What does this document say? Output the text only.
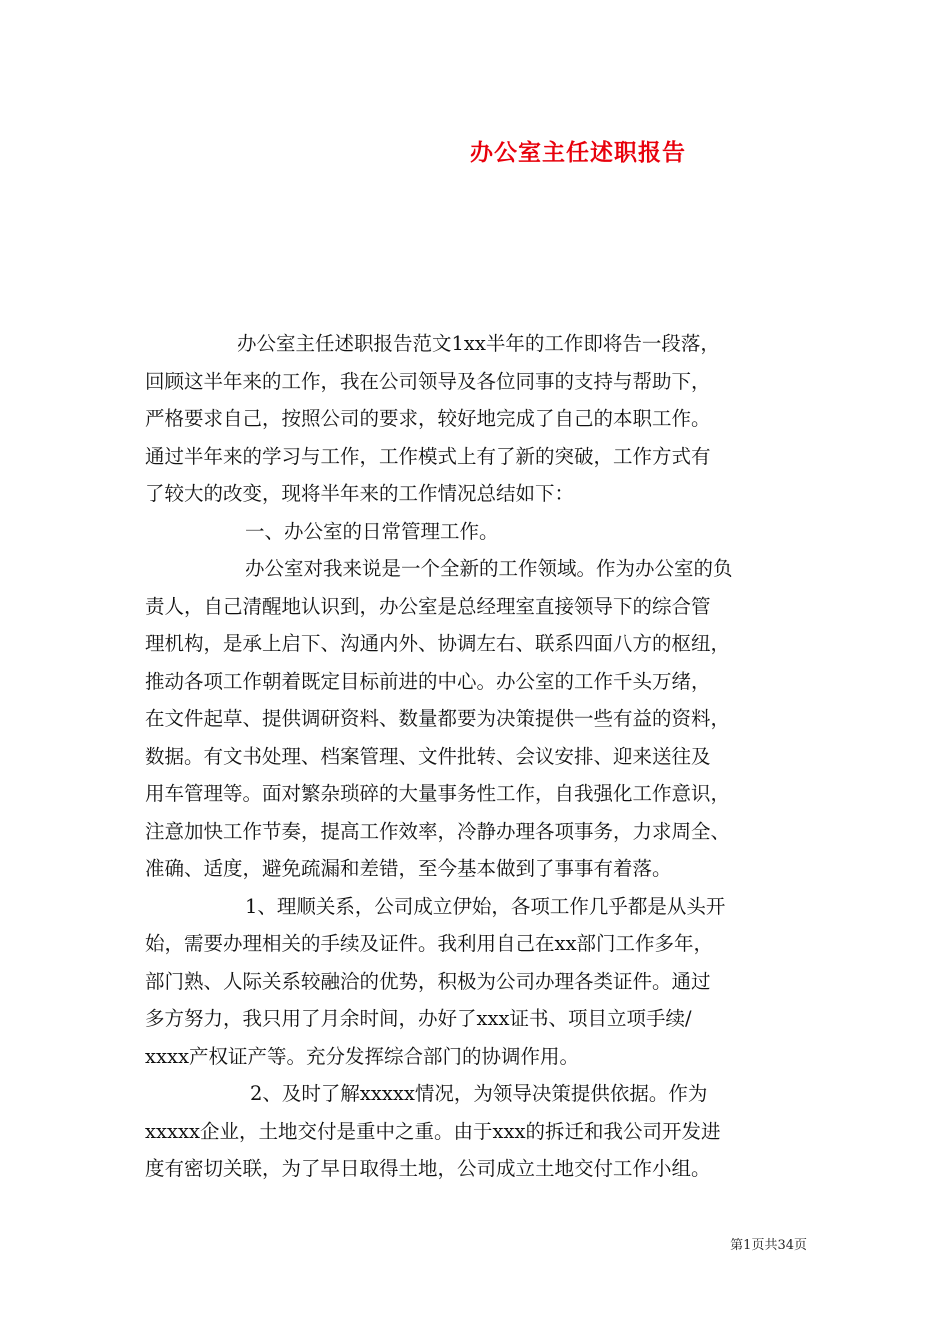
办公室主任述职报告

办公室主任述职报告范文1xx半年的工作即将告一段落，
回顾这半年来的工作，我在公司领导及各位同事的支持与帮助下，
严格要求自己，按照公司的要求，较好地完成了自己的本职工作。
通过半年来的学习与工作，工作模式上有了新的突破，工作方式有
了较大的改变，现将半年来的工作情况总结如下：

一、办公室的日常管理工作。

办公室对我来说是一个全新的工作领域。作为办公室的负
责人，自己清醒地认识到，办公室是总经理室直接领导下的综合管
理机构，是承上启下、沟通内外、协调左右、联系四面八方的枢纽，
推动各项工作朝着既定目标前进的中心。办公室的工作千头万绪，
在文件起草、提供调研资料、数量都要为决策提供一些有益的资料，
数据。有文书处理、档案管理、文件批转、会议安排、迎来送往及
用车管理等。面对繁杂琐碎的大量事务性工作，自我强化工作意识，
注意加快工作节奏，提高工作效率，冷静办理各项事务，力求周全、
准确、适度，避免疏漏和差错，至今基本做到了事事有着落。

1、理顺关系，公司成立伊始，各项工作几乎都是从头开
始，需要办理相关的手续及证件。我利用自己在xx部门工作多年，
部门熟、人际关系较融洽的优势，积极为公司办理各类证件。通过
多方努力，我只用了月余时间，办好了xxx证书、项目立项手续/
xxxx产权证产等。充分发挥综合部门的协调作用。

2、及时了解xxxxx情况，为领导决策提供依据。作为
xxxxx企业，土地交付是重中之重。由于xxx的拆迁和我公司开发进
度有密切关联，为了早日取得土地，公司成立土地交付工作小组。

第1页共34页
